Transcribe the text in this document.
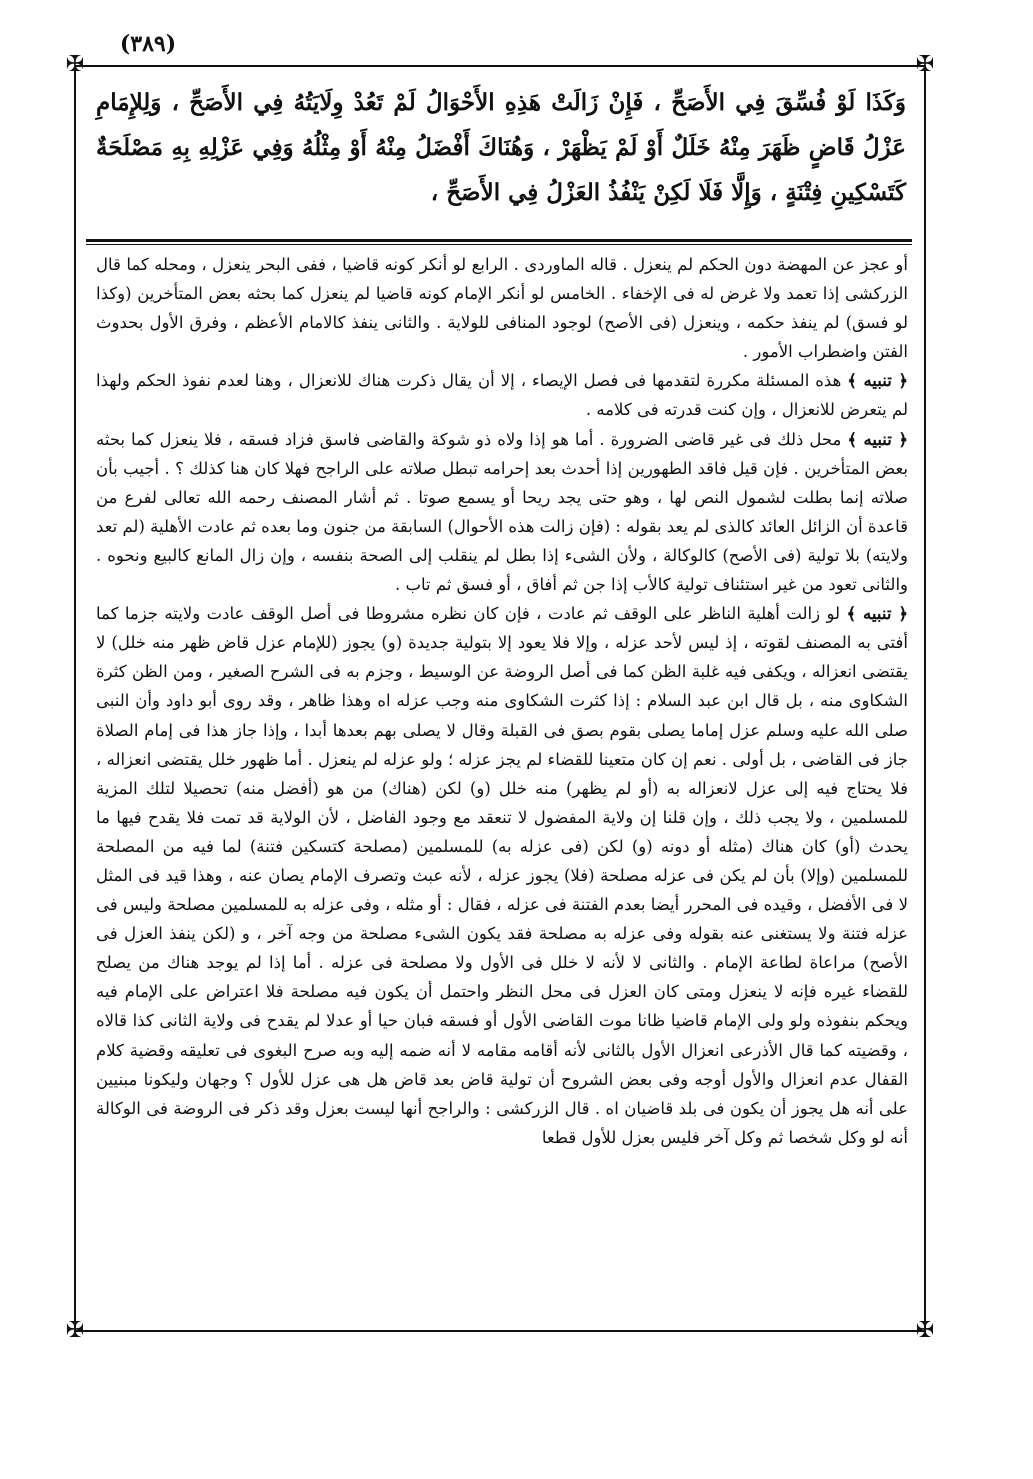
(٣٨٩)
✠	✠
✠	✠

وَكَذَا لَوْ فُسِّقَ فِي الأَصَحِّ ، فَإِنْ زَالَتْ هَذِهِ الأَحْوَالُ لَمْ تَعُدْ وِلَايَتُهُ فِي الأَصَحِّ ، وَلِلإِمَامِ عَزْلُ قَاضٍ ظَهَرَ مِنْهُ خَلَلٌ أَوْ لَمْ يَظْهَرْ ، وَهُنَاكَ أَفْضَلُ مِنْهُ أَوْ مِثْلُهُ وَفِي عَزْلِهِ بِهِ مَصْلَحَةٌ كَتَسْكِينِ فِتْنَةٍ ، وَإِلَّا فَلَا لَكِنْ يَنْفُذُ العَزْلُ فِي الأَصَحِّ ،

أو عجز عن المهضة دون الحكم لم ينعزل . قاله الماوردى . الرابع لو أنكر كونه قاضيا ، ففى البحر ينعزل ، ومحله كما قال الزركشى إذا تعمد ولا غرض له فى الإخفاء . الخامس لو أنكر الإمام كونه قاضيا لم ينعزل كما بحثه بعض المتأخرين (وكذا لو فسق) لم ينفذ حكمه ، وينعزل (فى الأصح) لوجود المنافى للولاية . والثانى ينفذ كالامام الأعظم ، وفرق الأول بحدوث الفتن واضطراب الأمور .

﴿ تنبيه ﴾ هذه المسئلة مكررة لتقدمها فى فصل الإيصاء ، إلا أن يقال ذكرت هناك للانعزال ، وهنا لعدم نفوذ الحكم ولهذا لم يتعرض للانعزال ، وإن كنت قدرته فى كلامه .

﴿ تنبيه ﴾ محل ذلك فى غير قاضى الضرورة . أما هو إذا ولاه ذو شوكة والقاضى فاسق فزاد فسقه ، فلا ينعزل كما بحثه بعض المتأخرين . فإن قيل فاقد الطهورين إذا أحدث بعد إحرامه تبطل صلاته على الراجح فهلا كان هنا كذلك ؟ . أجيب بأن صلاته إنما بطلت لشمول النص لها ، وهو حتى يجد ريحا أو يسمع صوتا . ثم أشار المصنف رحمه الله تعالى لفرع من قاعدة أن الزائل العائد كالذى لم يعد بقوله : (فإن زالت هذه الأحوال) السابقة من جنون وما بعده ثم عادت الأهلية (لم تعد ولايته) بلا تولية (فى الأصح) كالوكالة ، ولأن الشىء إذا بطل لم ينقلب إلى الصحة بنفسه ، وإن زال المانع كالبيع ونحوه . والثانى تعود من غير استئناف تولية كالأب إذا جن ثم أفاق ، أو فسق ثم تاب .

﴿ تنبيه ﴾ لو زالت أهلية الناظر على الوقف ثم عادت ، فإن كان نظره مشروطا فى أصل الوقف عادت ولايته جزما كما أفتى به المصنف لقوته ، إذ ليس لأحد عزله ، وإلا فلا يعود إلا بتولية جديدة (و) يجوز (للإمام عزل قاض ظهر منه خلل) لا يقتضى انعزاله ، ويكفى فيه غلبة الظن كما فى أصل الروضة عن الوسيط ، وجزم به فى الشرح الصغير ، ومن الظن كثرة الشكاوى منه ، بل قال ابن عبد السلام : إذا كثرت الشكاوى منه وجب عزله اه وهذا ظاهر ، وقد روى أبو داود وأن النبى صلى الله عليه وسلم عزل إماما يصلى بقوم بصق فى القبلة وقال لا يصلى بهم بعدها أبدا ، وإذا جاز هذا فى إمام الصلاة جاز فى القاضى ، بل أولى . نعم إن كان متعينا للقضاء لم يجز عزله ؛ ولو عزله لم ينعزل . أما ظهور خلل يقتضى انعزاله ، فلا يحتاج فيه إلى عزل لانعزاله به (أو لم يظهر) منه خلل (و) لكن (هناك) من هو (أفضل منه) تحصيلا لتلك المزية للمسلمين ، ولا يجب ذلك ، وإن قلنا إن ولاية المفضول لا تنعقد مع وجود الفاضل ، لأن الولاية قد تمت فلا يقدح فيها ما يحدث (أو) كان هناك (مثله أو دونه (و) لكن (فى عزله به) للمسلمين (مصلحة كتسكين فتنة) لما فيه من المصلحة للمسلمين (وإلا) بأن لم يكن فى عزله مصلحة (فلا) يجوز عزله ، لأنه عبث وتصرف الإمام يصان عنه ، وهذا قيد فى المثل لا فى الأفضل ، وقيده فى المحرر أيضا بعدم الفتنة فى عزله ، فقال : أو مثله ، وفى عزله به للمسلمين مصلحة وليس فى عزله فتنة ولا يستغنى عنه بقوله وفى عزله به مصلحة فقد يكون الشىء مصلحة من وجه آخر ، و (لكن ينفذ العزل فى الأصح) مراعاة لطاعة الإمام . والثانى لا لأنه لا خلل فى الأول ولا مصلحة فى عزله . أما إذا لم يوجد هناك من يصلح للقضاء غيره فإنه لا ينعزل ومتى كان العزل فى محل النظر واحتمل أن يكون فيه مصلحة فلا اعتراض على الإمام فيه ويحكم بنفوذه ولو ولى الإمام قاضيا ظانا موت القاضى الأول أو فسقه فبان حيا أو عدلا لم يقدح فى ولاية الثانى كذا قالاه ، وقضيته كما قال الأذرعى انعزال الأول بالثانى لأنه أقامه مقامه لا أنه ضمه إليه وبه صرح البغوى فى تعليقه وقضية كلام القفال عدم انعزال والأول أوجه وفى بعض الشروح أن تولية قاض بعد قاض هل هى عزل للأول ؟ وجهان وليكونا مبنيين على أنه هل يجوز أن يكون فى بلد قاضيان اه . قال الزركشى : والراجح أنها ليست بعزل وقد ذكر فى الروضة فى الوكالة أنه لو وكل شخصا ثم وكل آخر فليس بعزل للأول قطعا
